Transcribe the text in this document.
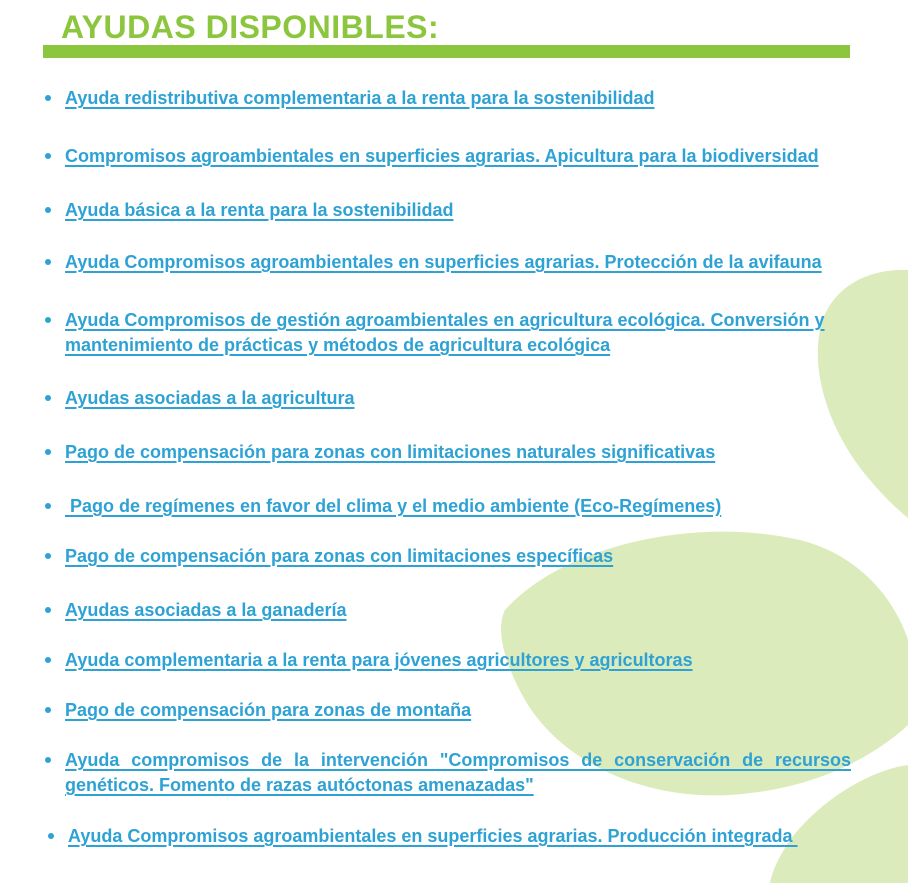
AYUDAS DISPONIBLES:
Ayuda redistributiva complementaria a la renta para la sostenibilidad
Compromisos agroambientales en superficies agrarias. Apicultura para la biodiversidad
Ayuda básica a la renta para la sostenibilidad
Ayuda Compromisos agroambientales en superficies agrarias. Protección de la avifauna
Ayuda Compromisos de gestión agroambientales en agricultura ecológica. Conversión y mantenimiento de prácticas y métodos de agricultura ecológica
Ayudas asociadas a la agricultura
Pago de compensación para zonas con limitaciones naturales significativas
Pago de regímenes en favor del clima y el medio ambiente (Eco-Regímenes)
Pago de compensación para zonas con limitaciones específicas
Ayudas asociadas a la ganadería
Ayuda complementaria a la renta para jóvenes agricultores y agricultoras
Pago de compensación para zonas de montaña
Ayuda compromisos de la intervención "Compromisos de conservación de recursos genéticos. Fomento de razas autóctonas amenazadas"
Ayuda Compromisos agroambientales en superficies agrarias. Producción integrada
